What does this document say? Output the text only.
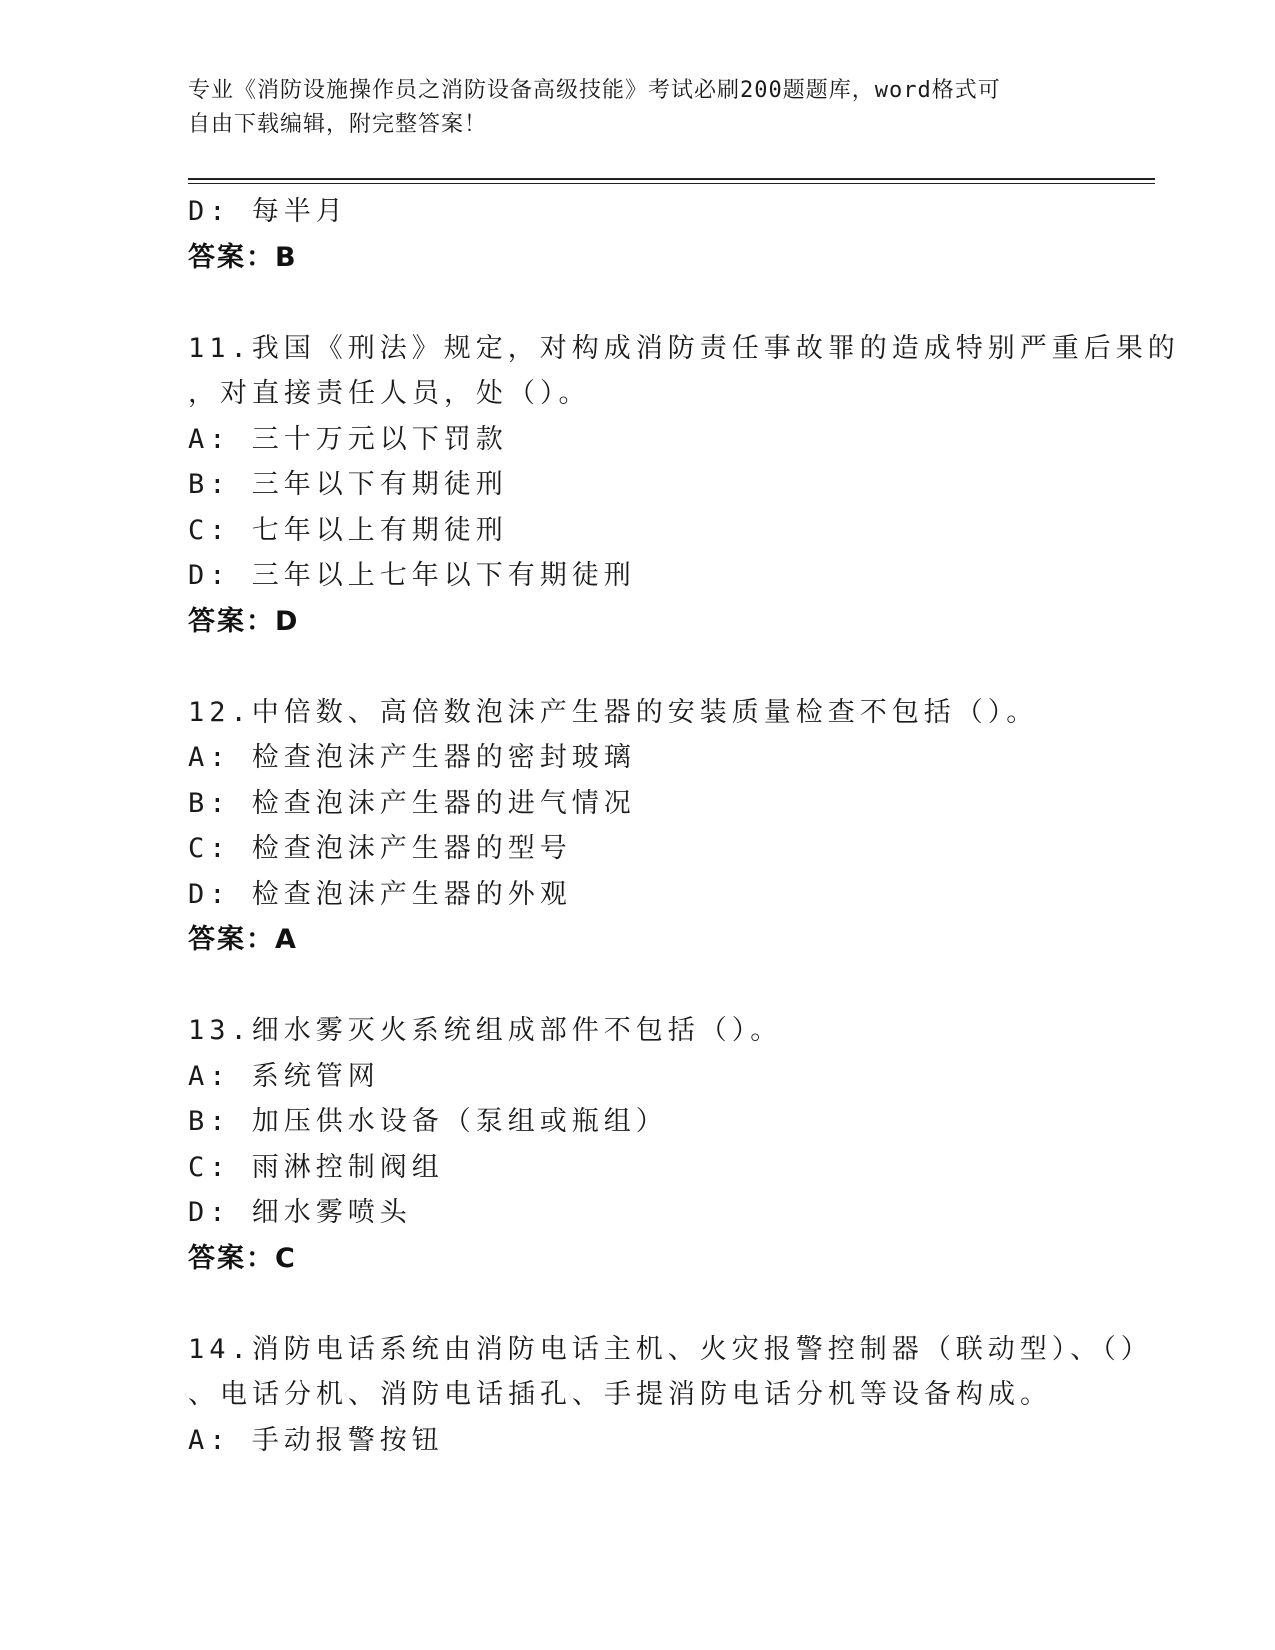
专业《消防设施操作员之消防设备高级技能》考试必刷200题题库，word格式可
自由下载编辑，附完整答案！
D: 每半月
答案：B
11.我国《刑法》规定，对构成消防责任事故罪的造成特别严重后果的
，对直接责任人员，处（）。
A: 三十万元以下罚款
B: 三年以下有期徒刑
C: 七年以上有期徒刑
D: 三年以上七年以下有期徒刑
答案：D
12.中倍数、高倍数泡沫产生器的安装质量检查不包括（）。
A: 检查泡沫产生器的密封玻璃
B: 检查泡沫产生器的进气情况
C: 检查泡沫产生器的型号
D: 检查泡沫产生器的外观
答案：A
13.细水雾灭火系统组成部件不包括（）。
A: 系统管网
B: 加压供水设备（泵组或瓶组）
C: 雨淋控制阀组
D: 细水雾喷头
答案：C
14.消防电话系统由消防电话主机、火灾报警控制器（联动型）、（）
、电话分机、消防电话插孔、手提消防电话分机等设备构成。
A: 手动报警按钮
